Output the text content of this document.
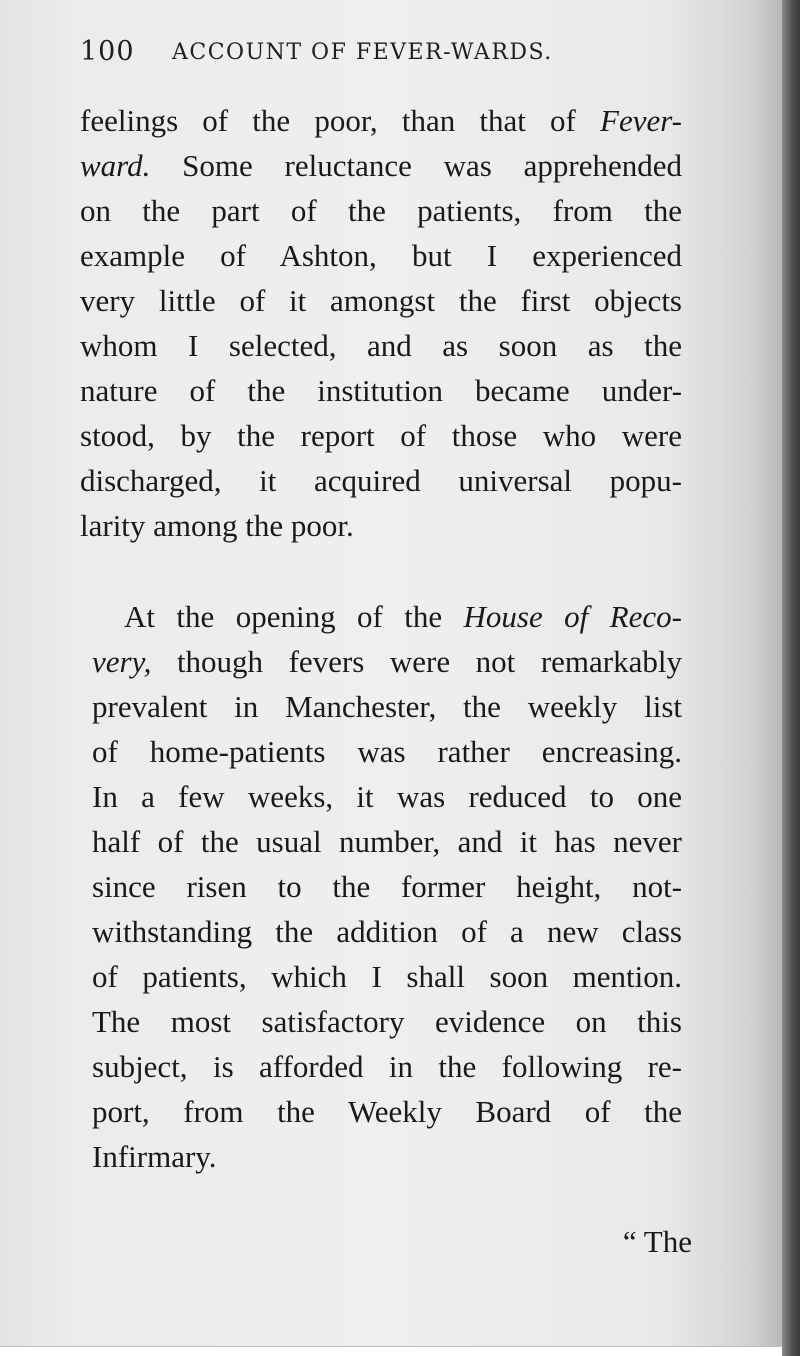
100 ACCOUNT OF FEVER-WARDS.
feelings of the poor, than that of Fever-
ward. Some reluctance was apprehended
on the part of the patients, from the
example of Ashton, but I experienced
very little of it amongst the first objects
whom I selected, and as soon as the
nature of the institution became under-
stood, by the report of those who were
discharged, it acquired universal popu-
larity among the poor.
At the opening of the House of Reco-
very, though fevers were not remarkably
prevalent in Manchester, the weekly list
of home-patients was rather encreasing.
In a few weeks, it was reduced to one
half of the usual number, and it has never
since risen to the former height, not-
withstanding the addition of a new class
of patients, which I shall soon mention.
The most satisfactory evidence on this
subject, is afforded in the following re-
port, from the Weekly Board of the
Infirmary.
“ The
